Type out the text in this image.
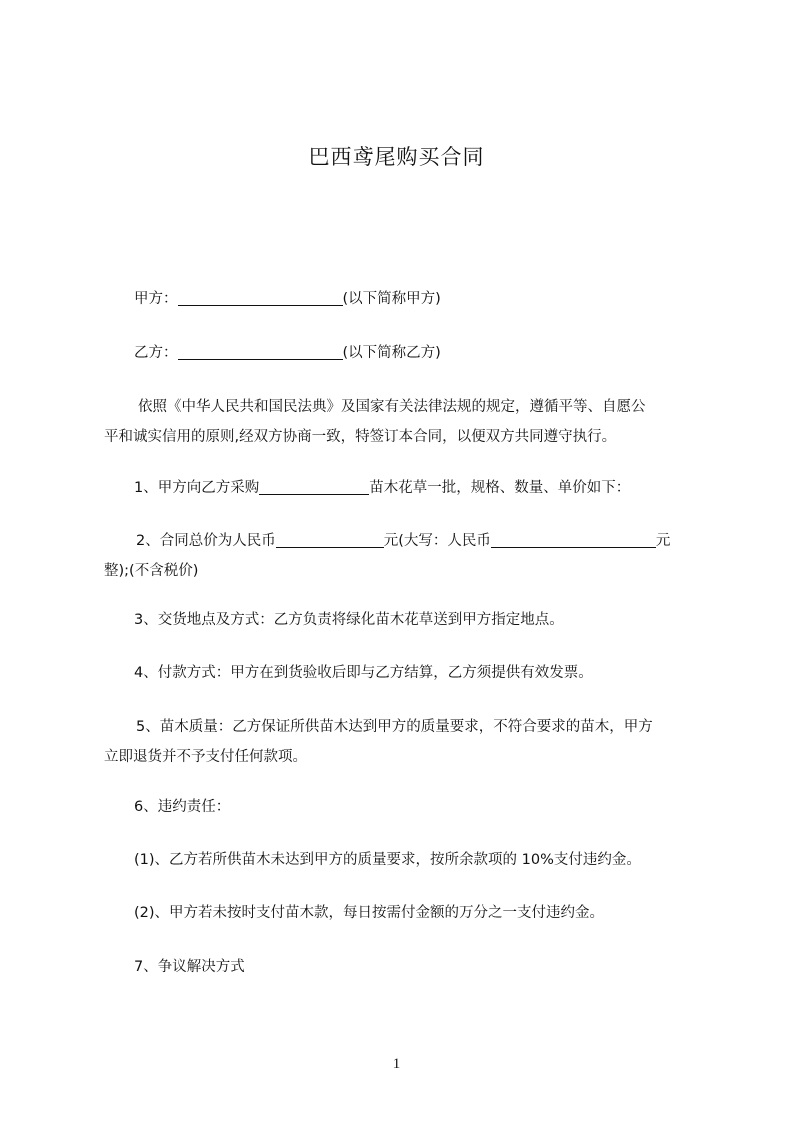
巴西鸢尾购买合同
甲方：	(以下简称甲方)
乙方：	(以下简称乙方)
依照《中华人民共和国民法典》及国家有关法律法规的规定，遵循平等、自愿公
平和诚实信用的原则,经双方协商一致，特签订本合同，以便双方共同遵守执行。
1、甲方向乙方采购	苗木花草一批，规格、数量、单价如下：
2、合同总价为人民币	元(大写：人民币	元
整);(不含税价)
3、交货地点及方式：乙方负责将绿化苗木花草送到甲方指定地点。
4、付款方式：甲方在到货验收后即与乙方结算，乙方须提供有效发票。
5、苗木质量：乙方保证所供苗木达到甲方的质量要求，不符合要求的苗木，甲方
立即退货并不予支付任何款项。
6、违约责任：
(1)、乙方若所供苗木未达到甲方的质量要求，按所余款项的 10%支付违约金。
(2)、甲方若未按时支付苗木款，每日按需付金额的万分之一支付违约金。
7、争议解决方式
1
